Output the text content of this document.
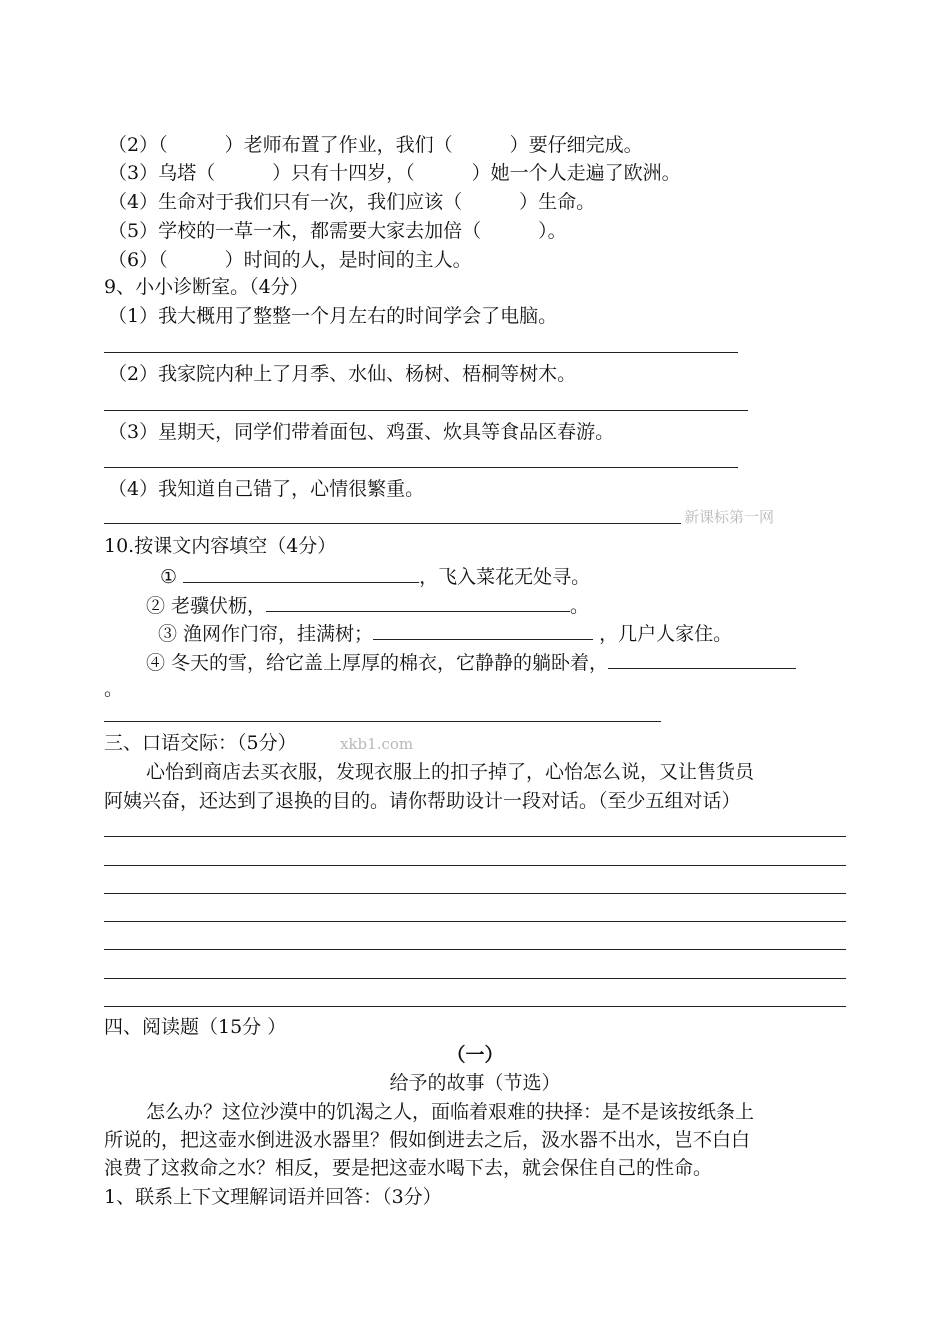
（2）（　　　）老师布置了作业，我们（　　　）要仔细完成。
（3）乌塔（　　　）只有十四岁，（　　　）她一个人走遍了欧洲。
（4）生命对于我们只有一次，我们应该（　　　）生命。
（5）学校的一草一木，都需要大家去加倍（　　　）。
（6）（　　　）时间的人，是时间的主人。
9、小小诊断室。（4分）
（1）我大概用了整整一个月左右的时间学会了电脑。
（2）我家院内种上了月季、水仙、杨树、梧桐等树木。
（3）星期天，同学们带着面包、鸡蛋、炊具等食品区春游。
（4）我知道自己错了，心情很繁重。
新课标第一网
10.按课文内容填空（4分）
①	，飞入菜花无处寻。
② 老骥伏枥，	。
③ 渔网作门帘，挂满树；	，几户人家住。
④ 冬天的雪，给它盖上厚厚的棉衣，它静静的躺卧着，
。
三、口语交际：（5分）	xkb1.com
心怡到商店去买衣服，发现衣服上的扣子掉了，心怡怎么说，又让售货员
阿姨兴奋，还达到了退换的目的。请你帮助设计一段对话。（至少五组对话）
四、阅读题（15分 ）
（一）
给予的故事（节选）
怎么办？这位沙漠中的饥渴之人，面临着艰难的抉择：是不是该按纸条上
所说的，把这壶水倒进汲水器里？假如倒进去之后，汲水器不出水，岂不白白
浪费了这救命之水？相反，要是把这壶水喝下去，就会保住自己的性命。
1、联系上下文理解词语并回答：（3分）
